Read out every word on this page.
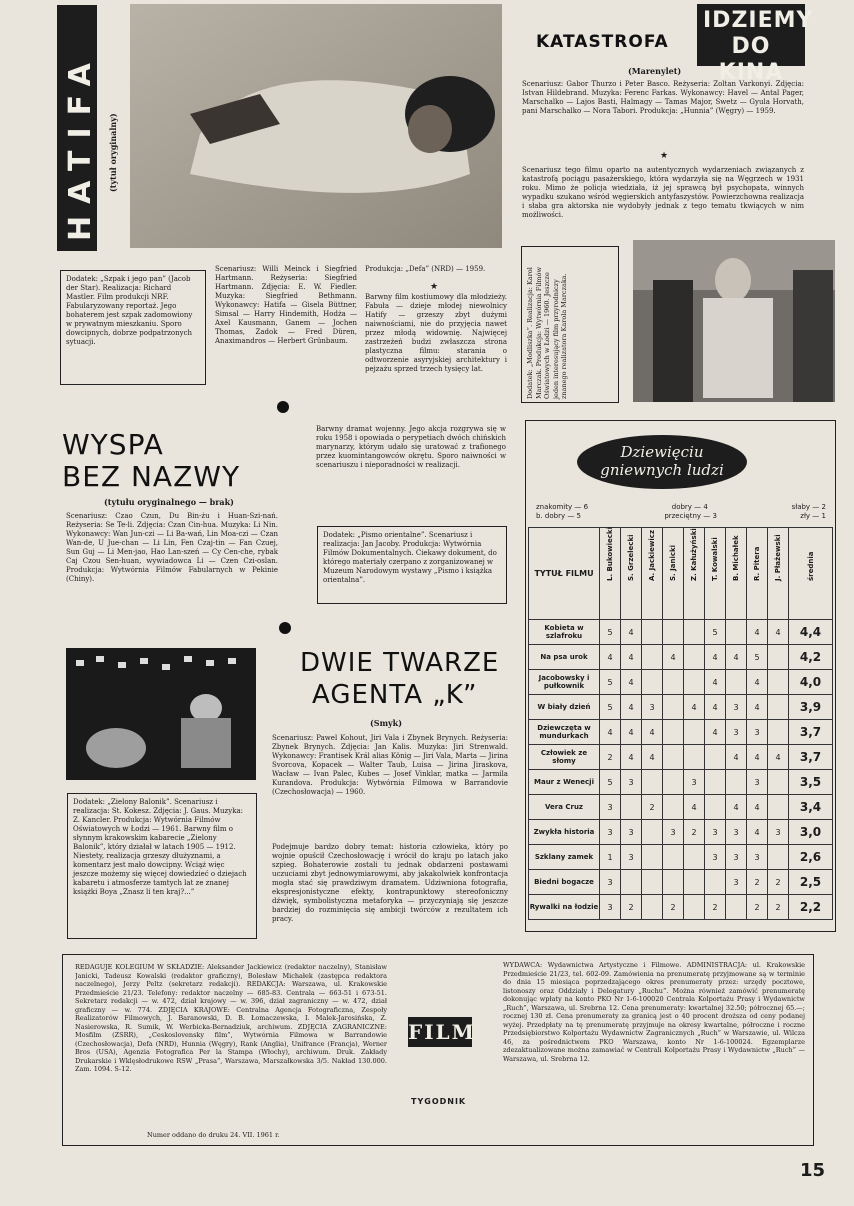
HATIFA (tytuł oryginalny)
IDZIEMY DO KINA
KATASTROFA
(Marenylet)
Scenariusz: Gabor Thurzo i Peter Basco. Reżyseria: Zoltan Varkonyi. Zdjęcia: Istvan Hildebrand. Muzyka: Ferenc Farkas. Wykonawcy: Havel — Antal Pager, Marschalko — Lajos Basti, Halmagy — Tamas Major, Swetz — Gyula Horvath, pani Marschalko — Nora Tabori. Produkcja: „Hunnia” (Węgry) — 1959.
★
Scenariusz tego filmu oparto na autentycznych wydarzeniach związanych z katastrofą pociągu pasażerskiego, która wydarzyła się na Węgrzech w 1931 roku. Mimo że policja wiedziała, iż jej sprawcą był psychopata, winnych wypadku szukano wśród węgierskich antyfaszystów. Powierzchowna realizacja i słaba gra aktorska nie wydobyły jednak z tego tematu tkwiących w nim możliwości.
Dodatek: „Szpak i jego pan” (Jacob der Star). Realizacja: Richard Mastler. Film produkcji NRF. Fabularyzowany reportaż. Jego bohaterem jest szpak zadomowiony w prywatnym mieszkaniu. Sporo dowcipnych, dobrze podpatrzonych sytuacji.
Scenariusz: Willi Meinck i Siegfried Hartmann. Reżyseria: Siegfried Hartmann. Zdjęcia: E. W. Fiedler. Muzyka: Siegfried Bethmann. Wykonawcy: Hatifa — Gisela Büttner, Simsal — Harry Hindemith, Hodża — Axel Kausmann, Ganem — Jochen Thomas, Zadok — Fred Düren, Anaximandros — Herbert Grünbaum.
Produkcja: „Defa” (NRD) — 1959.
★
Barwny film kostiumowy dla młodzieży. Fabuła — dzieje młodej niewolnicy Hatify — grzeszy zbyt dużymi naiwnościami, nie do przyjęcia nawet przez młodą widownię. Najwięcej zastrzeżeń budzi zwłaszcza strona plastyczna filmu: starania o odtworzenie asyryjskiej architektury i pejzażu sprzed trzech tysięcy lat.	Dodatek: „Modliszka”. Realizacja: Karol Marczak. Produkcja: Wytwórnia Filmów Oświatowych w Łodzi — 1960. Jeszcze jeden interesujący film przyrodniczy znanego realizatora Karola Marczaka.
WYSPA
BEZ NAZWY
(tytułu oryginalnego — brak)
Scenariusz: Czao Czun, Du Bin-żu i Huan-Szi-nań. Reżyseria: Se Te-li. Zdjęcia: Czan Cin-hua. Muzyka: Li Nin. Wykonawcy: Wan Jun-czi — Li Ba-wań, Lin Moa-czi — Czan Wan-de, U Jue-chan — Li Lin, Fen Czaj-tin — Fan Czuej, Sun Guj — Li Men-jao, Hao Lan-szeń — Cy Cen-che, rybak Caj Czou Sen-huan, wywiadowca Li — Czen Czi-oslan. Produkcja: Wytwórnia Filmów Fabularnych w Pekinie (Chiny).
Barwny dramat wojenny. Jego akcja rozgrywa się w roku 1958 i opowiada o perypetiach dwóch chińskich marynarzy, którym udało się uratować z trafionego przez kuomintangowców okrętu. Sporo naiwności w scenariuszu i nieporadności w realizacji.
Dodatek: „Pismo orientalne”. Scenariusz i realizacja: Jan Jacoby. Produkcja: Wytwórnia Filmów Dokumentalnych. Ciekawy dokument, do którego materiały czerpano z zorganizowanej w Muzeum Narodowym wystawy „Pismo i książka orientalna”.
DWIE TWARZE
AGENTA „K”
(Smyk)
Scenariusz: Pawel Kohout, Jiri Vala i Zbynek Brynych. Reżyseria: Zbynek Brynych. Zdjęcia: Jan Kalis. Muzyka: Jiri Strenwald. Wykonawcy: Frantisek Král alias König — Jiri Vala, Marta — Jirina Svorcova, Kopacek — Walter Taub, Luisa — Jirina Jiraskova, Wacław — Ivan Palec, Kubes — Josef Vinklar, matka — Jarmila Kurandova. Produkcja: Wytwórnia Filmowa w Barrandovie (Czechosłowacja) — 1960.
Podejmuje bardzo dobry temat: historia człowieka, który po wojnie opuścił Czechosłowację i wrócił do kraju po latach jako szpieg. Bohaterowie zostali tu jednak obdarzeni postawami uczuciami zbyt jednowymiarowymi, aby jakakolwiek konfrontacja mogła stać się prawdziwym dramatem. Udziwniona fotografia, ekspresjonistyczne efekty, kontrapunktowy stereofoniczny dźwięk, symbolistyczna metaforyka — przyczyniają się jeszcze bardziej do rozminięcia się ambicji twórców z rezultatem ich pracy.
Dodatek: „Zielony Balonik”. Scenariusz i realizacja: St. Kokesz. Zdjęcia: J. Gaus. Muzyka: Z. Kancler. Produkcja: Wytwórnia Filmów Oświatowych w Łodzi — 1961. Barwny film o słynnym krakowskim kabarecie „Zielony Balonik”, który działał w latach 1905 — 1912. Niestety, realizacja grzeszy dłużyznami, a komentarz jest mało dowcipny. Wciąż więc jeszcze możemy się więcej dowiedzieć o dziejach kabaretu i atmosferze tamtych lat ze znanej książki Boya „Znasz li ten kraj?...”
Dziewięciu
gniewnych ludzi
znakomity — 6	dobry — 4	słaby — 2
b. dobry — 5	przeciętny — 3	zły — 1
TYTUŁ FILMU	L. Bukowiecki	S. Grzelecki	A. Jackiewicz	S. Janicki	Z. Kałużyński	T. Kowalski	B. Michałek	R. Pitera	J. Płażewski	średnia

Kobieta w szlafroku	5	4				5		4	4	4,4
Na psa urok	4	4		4		4	4	5		4,2
Jacobowsky i pułkownik	5	4				4		4		4,0
W biały dzień	5	4	3		4	4	3	4		3,9
Dziewczęta w mundurkach	4	4	4			4	3	3		3,7
Człowiek ze słomy	2	4	4				4	4	4	3,7
Maur z Wenecji	5	3			3			3		3,5
Vera Cruz	3		2		4		4	4		3,4
Zwykła historia	3	3		3	2	3	3	4	3	3,0
Szklany zamek	1	3				3	3	3		2,6
Biedni bogacze	3						3	2	2	2,5
Rywalki na łodzie	3	2		2		2		2	2	2,2
REDAGUJE KOLEGIUM W SKŁADZIE: Aleksander Jackiewicz (redaktor naczelny), Stanisław Janicki, Tadeusz Kowalski (redaktor graficzny), Bolesław Michałek (zastępca redaktora naczelnego), Jerzy Peltz (sekretarz redakcji). REDAKCJA: Warszawa, ul. Krakowskie Przedmieście 21/23. Telefony: redaktor naczelny — 685-83. Centrala — 663-51 i 673-51. Sekretarz redakcji — w. 472, dział krajowy — w. 396, dział zagraniczny — w. 472, dział graficzny — w. 774. ZDJĘCIA KRAJOWE: Centralna Agencja Fotograficzna, Zespoły Realizatorów Filmowych, J. Baranowski, D. B. Łomaczewska, I. Malek-Jarosińska, Z. Nasierowska, R. Sumik, W. Werbicka-Bernadziuk, archiwum. ZDJĘCIA ZAGRANICZNE: Mosfilm (ZSRR), „Ceskoslovensky film”, Wytwórnia Filmowa w Barrandowie (Czechosłowacja), Defa (NRD), Hunnia (Węgry), Rank (Anglia), Unifrance (Francja), Werner Bros (USA), Agenzia Fotografica Per la Stampa (Włochy), archiwum. Druk. Zakłady Drukarskie i Wklęsłodrukowe RSW „Prasa”, Warszawa, Marszałkowska 3/5. Nakład 130.000. Zam. 1094. S-12.
Numer oddano do druku 24. VII. 1961 r.
FILM
TYGODNIK
WYDAWCA: Wydawnictwa Artystyczne i Filmowe. ADMINISTRACJA: ul. Krakowskie Przedmieście 21/23, tel. 602-09. Zamówienia na prenumeratę przyjmowane są w terminie do dnia 15 miesiąca poprzedzającego okres prenumeraty przez: urzędy pocztowe, listonoszy oraz Oddziały i Delegatury „Ruchu”. Można również zamówić prenumeratę dokonując wpłaty na konto PKO Nr 1-6-100020 Centrala Kolportażu Prasy i Wydawnictw „Ruch”, Warszawa, ul. Srebrna 12. Cena prenumeraty: kwartalnej 32.50; półrocznej 65.—; rocznej 130 zł. Cena prenumeraty za granicą jest o 40 procent droższa od ceny podanej wyżej. Przedpłaty na tę prenumeratę przyjmuje na okresy kwartalne, półroczne i roczne Przedsiębiorstwo Kolportażu Wydawnictw Zagranicznych „Ruch” w Warszawie, ul. Wilcza 46, za pośrednictwem PKO Warszawa, konto Nr 1-6-100024. Egzemplarze zdezaktualizowane można zamawiać w Centrali Kolportażu Prasy i Wydawnictw „Ruch” — Warszawa, ul. Srebrna 12.
15
